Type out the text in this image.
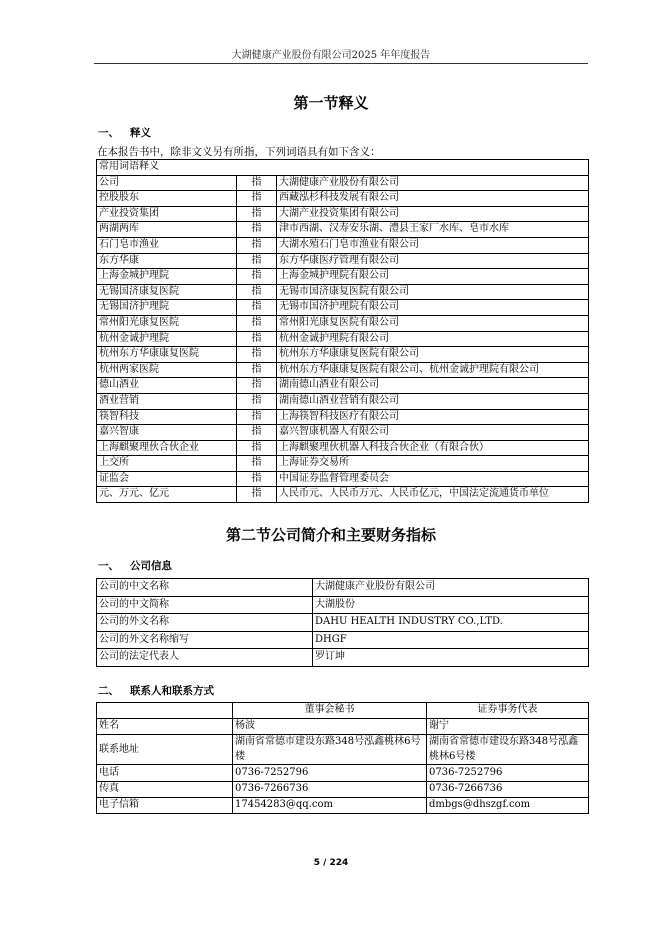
大湖健康产业股份有限公司2025 年年度报告
第一节释义
一、 释义
在本报告书中，除非文义另有所指，下列词语具有如下含义：
常用词语释义		
公司	指	大湖健康产业股份有限公司
控股股东	指	西藏泓杉科技发展有限公司
产业投资集团	指	大湖产业投资集团有限公司
两湖两库	指	津市西湖、汉寿安乐湖、澧县王家厂水库、皂市水库
石门皂市渔业	指	大湖水殖石门皂市渔业有限公司
东方华康	指	东方华康医疗管理有限公司
上海金城护理院	指	上海金城护理院有限公司
无锡国济康复医院	指	无锡市国济康复医院有限公司
无锡国济护理院	指	无锡市国济护理院有限公司
常州阳光康复医院	指	常州阳光康复医院有限公司
杭州金诚护理院	指	杭州金诚护理院有限公司
杭州东方华康康复医院	指	杭州东方华康康复医院有限公司
杭州两家医院	指	杭州东方华康康复医院有限公司、杭州金诚护理院有限公司
德山酒业	指	湖南德山酒业有限公司
酒业营销	指	湖南德山酒业营销有限公司
筷智科技	指	上海筷智科技医疗有限公司
嘉兴智康	指	嘉兴智康机器人有限公司
上海麒聚理伙合伙企业	指	上海麒聚理伙机器人科技合伙企业（有限合伙）
上交所	指	上海证券交易所
证监会	指	中国证券监督管理委员会
元、万元、亿元	指	人民币元、人民币万元、人民币亿元，中国法定流通货币单位
第二节公司简介和主要财务指标
一、 公司信息
公司的中文名称	大湖健康产业股份有限公司
公司的中文简称	大湖股份
公司的外文名称	DAHU HEALTH INDUSTRY CO.,LTD.
公司的外文名称缩写	DHGF
公司的法定代表人	罗订坤
二、 联系人和联系方式
	董事会秘书	证券事务代表
姓名	杨波	谢宁
联系地址	湖南省常德市建设东路348号泓鑫桃林6号楼	湖南省常德市建设东路348号泓鑫桃林6号楼
电话	0736-7252796	0736-7252796
传真	0736-7266736	0736-7266736
电子信箱	17454283@qq.com	dmbgs@dhszgf.com
5 / 224
